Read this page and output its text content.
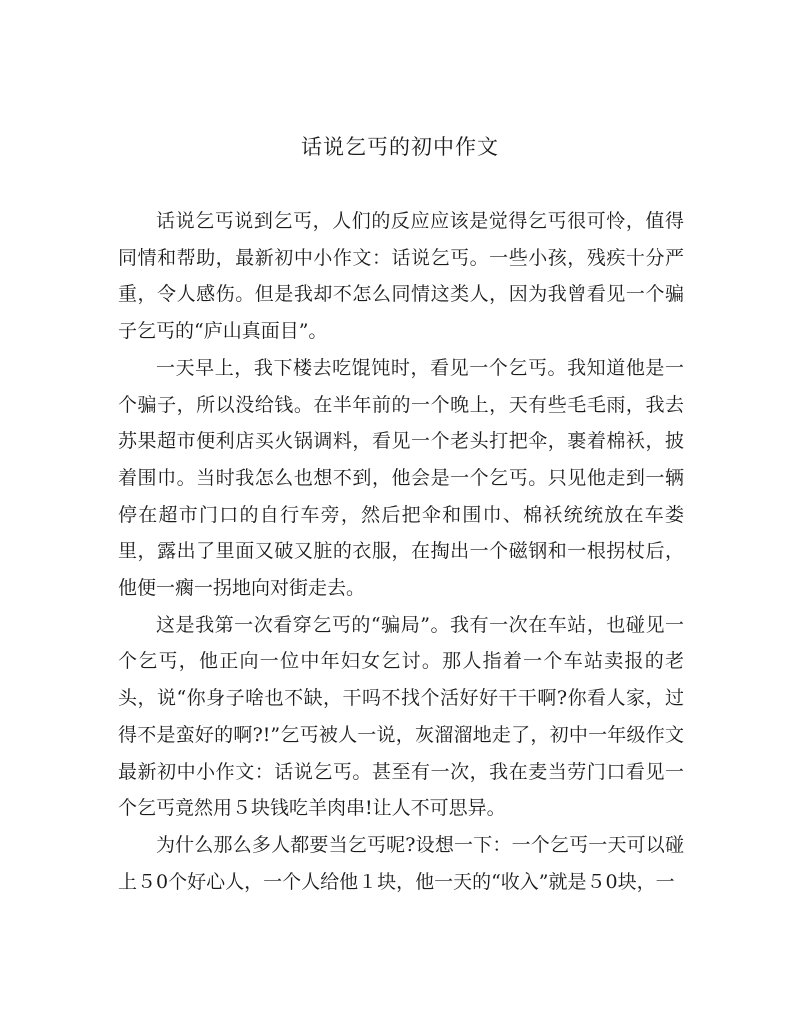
话说乞丐的初中作文

话说乞丐说到乞丐，人们的反应应该是觉得乞丐很可怜，值得同情和帮助，最新初中小作文：话说乞丐。一些小孩，残疾十分严重，令人感伤。但是我却不怎么同情这类人，因为我曾看见一个骗子乞丐的“庐山真面目”。

一天早上，我下楼去吃馄饨时，看见一个乞丐。我知道他是一个骗子，所以没给钱。在半年前的一个晚上，天有些毛毛雨，我去苏果超市便利店买火锅调料，看见一个老头打把伞，裹着棉袄，披着围巾。当时我怎么也想不到，他会是一个乞丐。只见他走到一辆停在超市门口的自行车旁，然后把伞和围巾、棉袄统统放在车娄里，露出了里面又破又脏的衣服，在掏出一个磁钢和一根拐杖后，他便一瘸一拐地向对街走去。

这是我第一次看穿乞丐的“骗局”。我有一次在车站，也碰见一个乞丐，他正向一位中年妇女乞讨。那人指着一个车站卖报的老头，说“你身子啥也不缺，干吗不找个活好好干干啊?你看人家，过得不是蛮好的啊?!”乞丐被人一说，灰溜溜地走了，初中一年级作文最新初中小作文：话说乞丐。甚至有一次，我在麦当劳门口看见一个乞丐竟然用５块钱吃羊肉串!让人不可思异。

为什么那么多人都要当乞丐呢?设想一下：一个乞丐一天可以碰上５0个好心人，一个人给他１块，他一天的“收入”就是５0块，一
